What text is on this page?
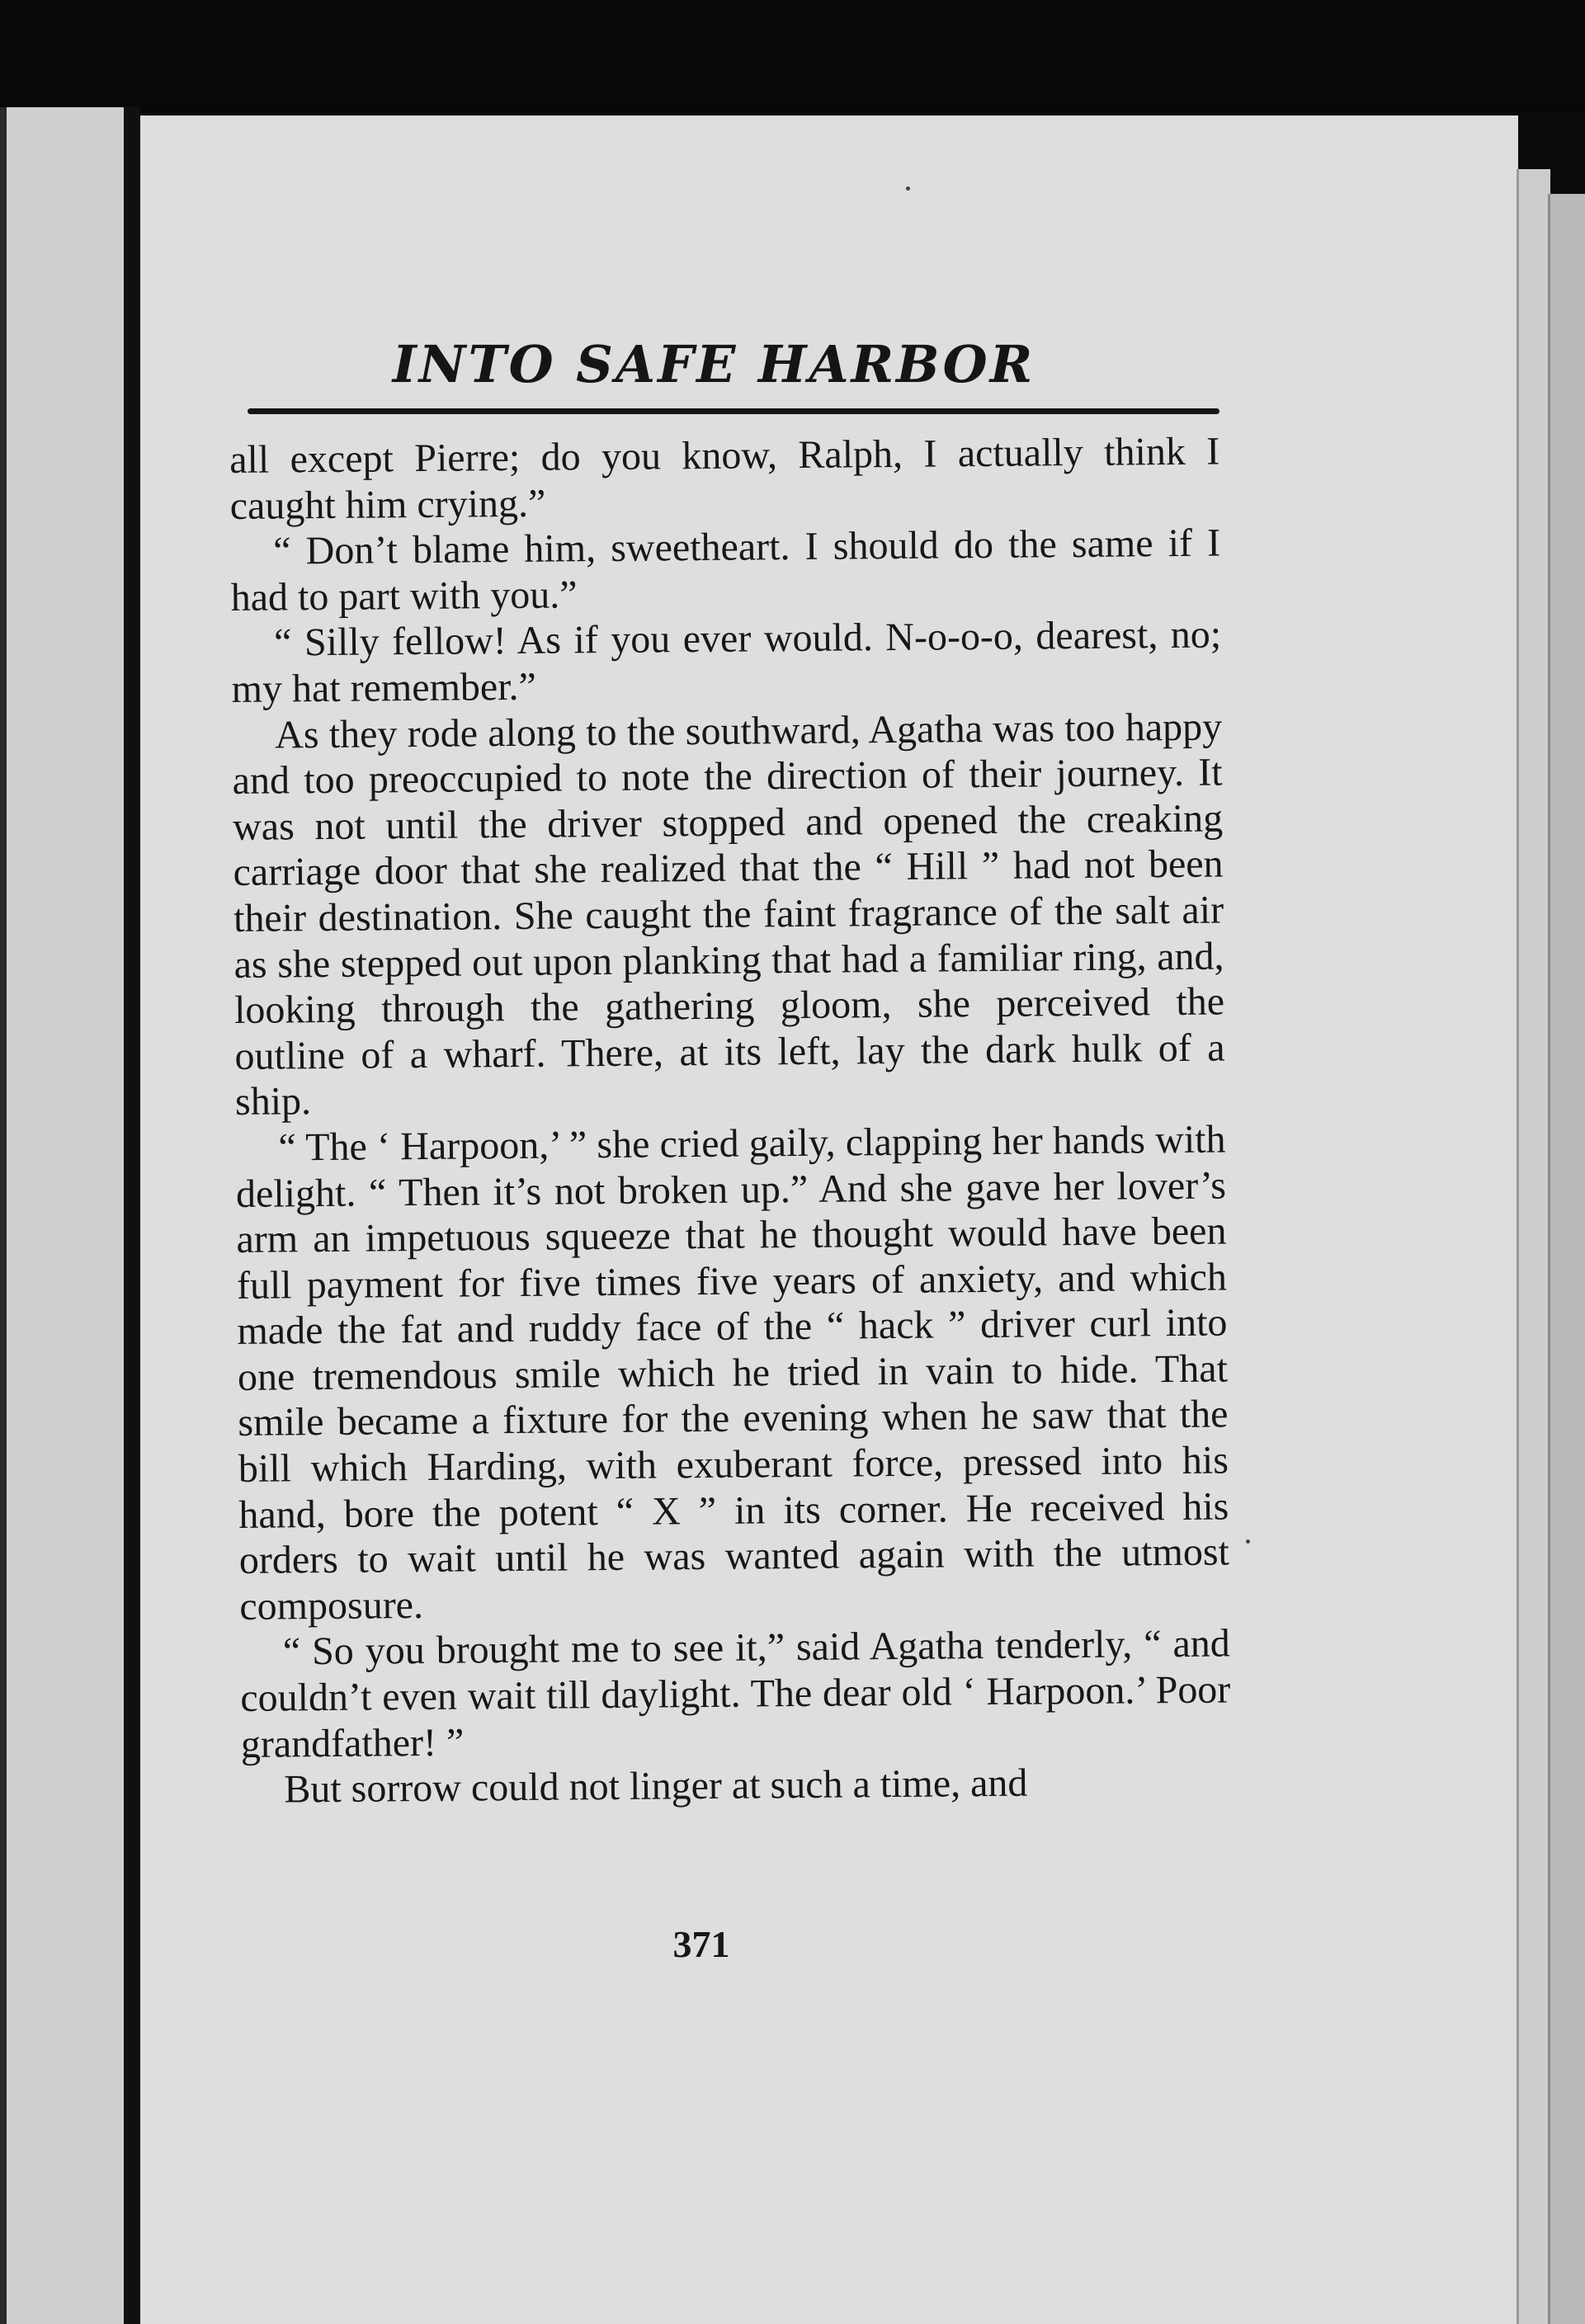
INTO SAFE HARBOR

all except Pierre; do you know, Ralph, I actually think I caught him crying.”

“ Don’t blame him, sweetheart. I should do the same if I had to part with you.”

“ Silly fellow! As if you ever would. N-o-o-o, dearest, no; my hat remember.”

As they rode along to the southward, Agatha was too happy and too preoccupied to note the direction of their journey. It was not until the driver stopped and opened the creaking carriage door that she realized that the “ Hill ” had not been their destination. She caught the faint fragrance of the salt air as she stepped out upon planking that had a familiar ring, and, looking through the gathering gloom, she perceived the outline of a wharf. There, at its left, lay the dark hulk of a ship.

“ The ‘ Harpoon,’ ” she cried gaily, clapping her hands with delight. “ Then it’s not broken up.” And she gave her lover’s arm an impetuous squeeze that he thought would have been full payment for five times five years of anxiety, and which made the fat and ruddy face of the “ hack ” driver curl into one tremendous smile which he tried in vain to hide. That smile became a fixture for the evening when he saw that the bill which Harding, with exuberant force, pressed into his hand, bore the potent “ X ” in its corner. He received his orders to wait until he was wanted again with the utmost composure.

“ So you brought me to see it,” said Agatha tenderly, “ and couldn’t even wait till daylight. The dear old ‘ Harpoon.’ Poor grandfather! ”

But sorrow could not linger at such a time, and

371
